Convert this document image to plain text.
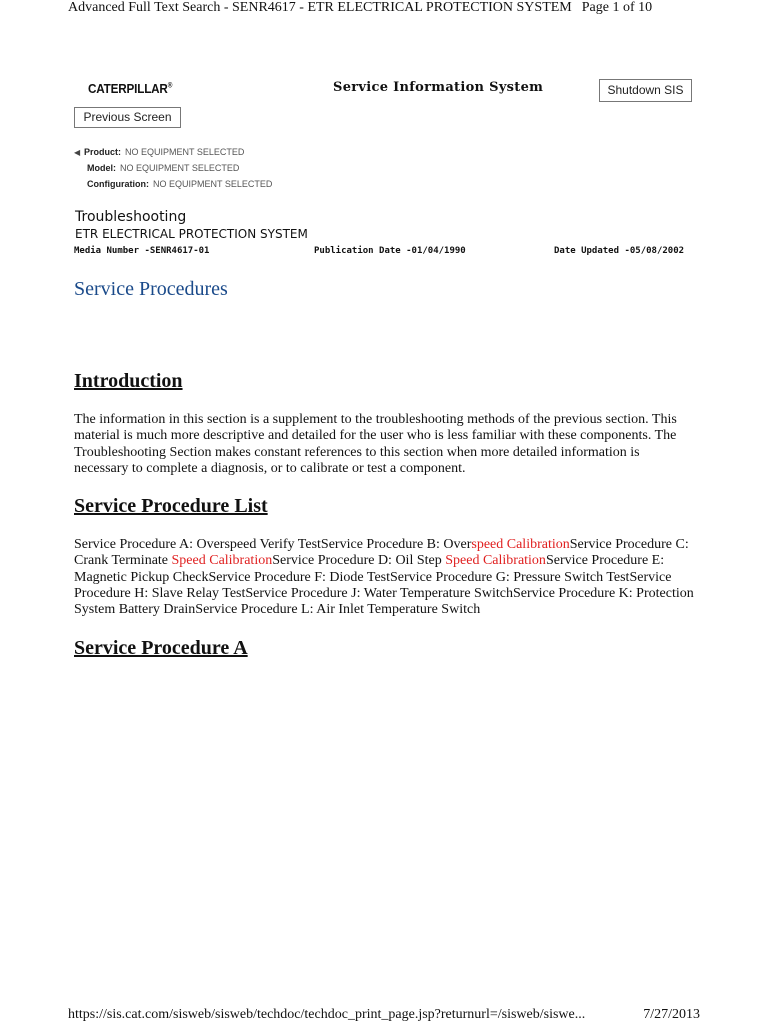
Advanced Full Text Search - SENR4617 - ETR ELECTRICAL PROTECTION SYSTEM Page 1 of 10
CATERPILLAR®	Service Information System	Shutdown SIS
Previous Screen
◀ Product: NO EQUIPMENT SELECTED
Model: NO EQUIPMENT SELECTED
Configuration: NO EQUIPMENT SELECTED
Troubleshooting
ETR ELECTRICAL PROTECTION SYSTEM
Media Number -SENR4617-01	Publication Date -01/04/1990	Date Updated -05/08/2002
Service Procedures
Introduction
The information in this section is a supplement to the troubleshooting methods of the previous section. This material is much more descriptive and detailed for the user who is less familiar with these components. The Troubleshooting Section makes constant references to this section when more detailed information is necessary to complete a diagnosis, or to calibrate or test a component.
Service Procedure List
Service Procedure A: Overspeed Verify TestService Procedure B: Overspeed CalibrationService Procedure C: Crank Terminate Speed CalibrationService Procedure D: Oil Step Speed CalibrationService Procedure E: Magnetic Pickup CheckService Procedure F: Diode TestService Procedure G: Pressure Switch TestService Procedure H: Slave Relay TestService Procedure J: Water Temperature SwitchService Procedure K: Protection System Battery DrainService Procedure L: Air Inlet Temperature Switch
Service Procedure A
https://sis.cat.com/sisweb/sisweb/techdoc/techdoc_print_page.jsp?returnurl=/sisweb/siswe...	7/27/2013
